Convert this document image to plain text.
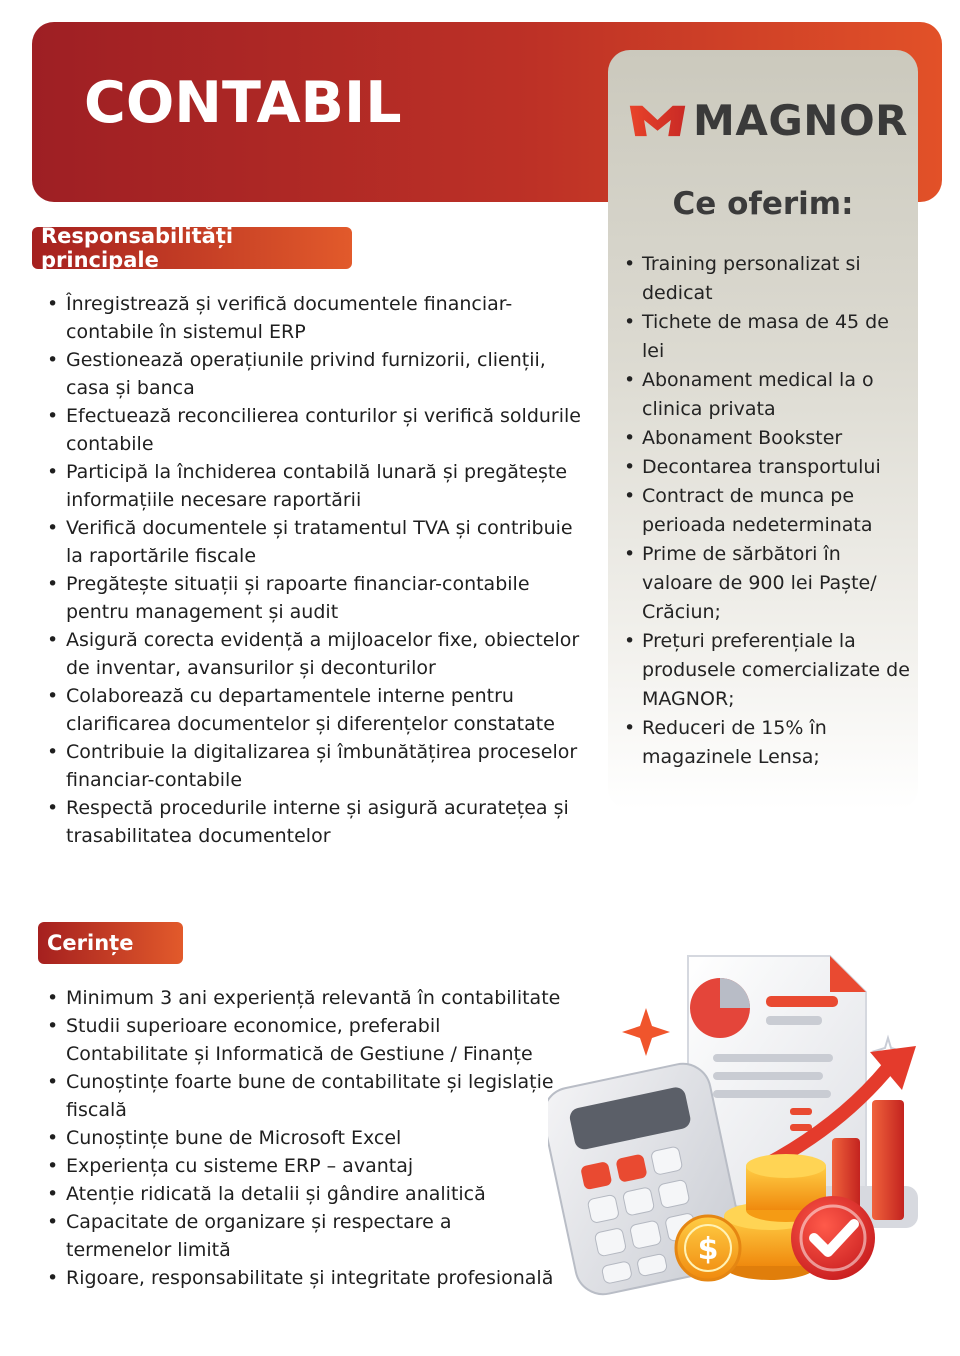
CONTABIL	MAGNOR
Ce oferim:
• Training personalizat si dedicat
• Tichete de masa de 45 de lei
• Abonament medical la o clinica privata
• Abonament Bookster
• Decontarea transportului
• Contract de munca pe perioada nedeterminata
• Prime de sărbători în valoare de 900 lei Paște/ Crăciun;
• Prețuri preferențiale la produsele comercializate de MAGNOR;
• Reduceri de 15% în magazinele Lensa;
Responsabilități principale
• Înregistrează și verifică documentele financiar-contabile în sistemul ERP
• Gestionează operațiunile privind furnizorii, clienții, casa și banca
• Efectuează reconcilierea conturilor și verifică soldurile contabile
• Participă la închiderea contabilă lunară și pregătește informațiile necesare raportării
• Verifică documentele și tratamentul TVA și contribuie la raportările fiscale
• Pregătește situații și rapoarte financiar-contabile pentru management și audit
• Asigură corecta evidență a mijloacelor fixe, obiectelor de inventar, avansurilor și deconturilor
• Colaborează cu departamentele interne pentru clarificarea documentelor și diferențelor constatate
• Contribuie la digitalizarea și îmbunătățirea proceselor financiar-contabile
• Respectă procedurile interne și asigură acuratețea și trasabilitatea documentelor
Cerințe
• Minimum 3 ani experiență relevantă în contabilitate
• Studii superioare economice, preferabil Contabilitate și Informatică de Gestiune / Finanțe
• Cunoștințe foarte bune de contabilitate și legislație fiscală
• Cunoștințe bune de Microsoft Excel
• Experiența cu sisteme ERP – avantaj
• Atenție ridicată la detalii și gândire analitică
• Capacitate de organizare și respectare a termenelor limită
• Rigoare, responsabilitate și integritate profesională
$
